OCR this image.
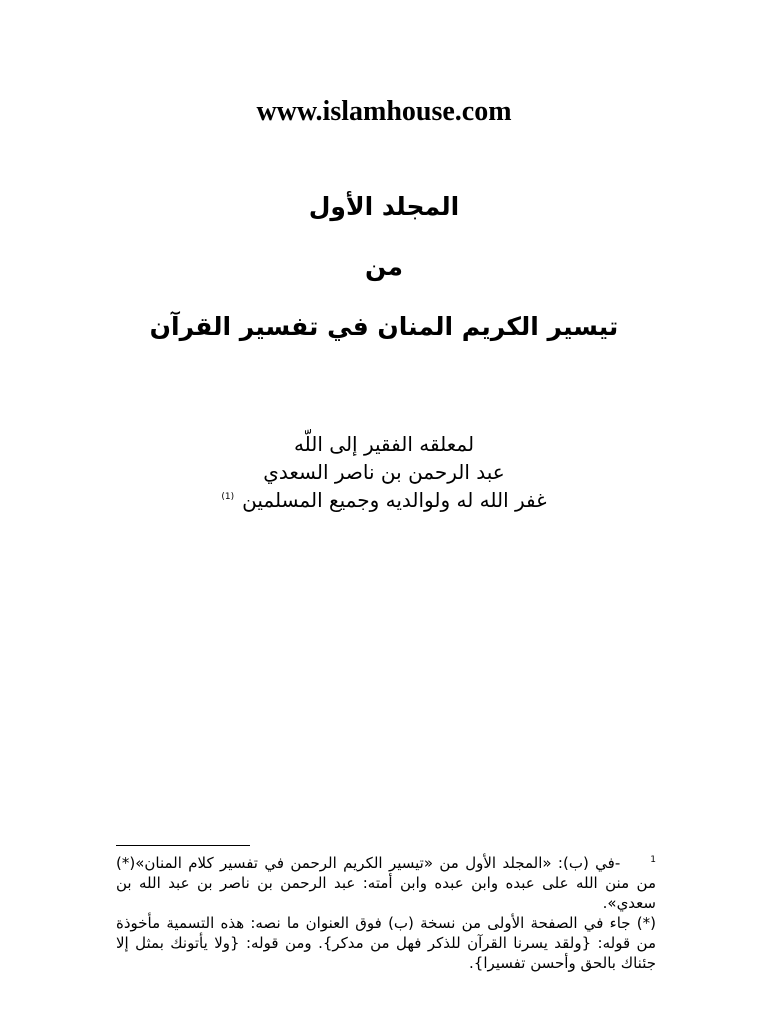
www.islamhouse.com
المجلد الأول
من
تيسير الكريم المنان في تفسير القرآن
لمعلقه الفقير إلى اللّه
عبد الرحمن بن ناصر السعدي
غفر الله له ولوالديه وجميع المسلمين$^{(1)}$

$^1$-في (ب): «المجلد الأول من «تيسير الكريم الرحمن في تفسير كلام المنان»(*) من منن الله على عبده وابن عبده وابن أمته: عبد الرحمن بن ناصر بن عبد الله بن سعدي».

(*) جاء في الصفحة الأولى من نسخة (ب) فوق العنوان ما نصه: هذه التسمية مأخوذة من قوله: {ولقد يسرنا القرآن للذكر فهل من مدكر}. ومن قوله: {ولا يأتونك بمثل إلا جئناك بالحق وأحسن تفسيرا}.
